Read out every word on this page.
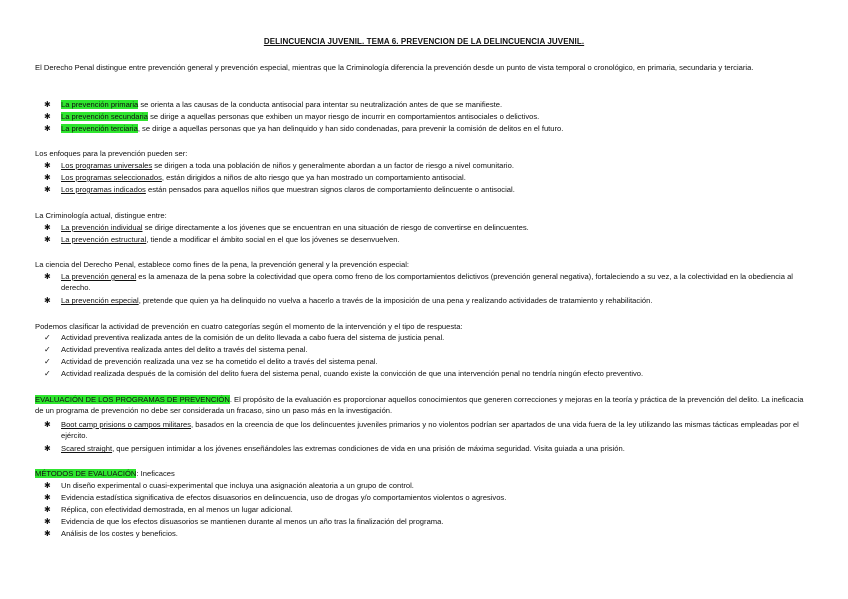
DELINCUENCIA JUVENIL. TEMA 6. PREVENCION DE LA DELINCUENCIA JUVENIL.

El Derecho Penal distingue entre prevención general y prevención especial, mientras que la Criminología diferencia la prevención desde un punto de vista temporal o cronológico, en primaria, secundaria y terciaria.

✱ La prevención primaria se orienta a las causas de la conducta antisocial para intentar su neutralización antes de que se manifieste.
✱ La prevención secundaria se dirige a aquellas personas que exhiben un mayor riesgo de incurrir en comportamientos antisociales o delictivos.
✱ La prevención terciaria, se dirige a aquellas personas que ya han delinquido y han sido condenadas, para prevenir la comisión de delitos en el futuro.

Los enfoques para la prevención pueden ser:

✱ Los programas universales se dirigen a toda una población de niños y generalmente abordan a un factor de riesgo a nivel comunitario.
✱ Los programas seleccionados, están dirigidos a niños de alto riesgo que ya han mostrado un comportamiento antisocial.
✱ Los programas indicados están pensados para aquellos niños que muestran signos claros de comportamiento delincuente o antisocial.

La Criminología actual, distingue entre:

✱ La prevención individual se dirige directamente a los jóvenes que se encuentran en una situación de riesgo de convertirse en delincuentes.
✱ La prevención estructural, tiende a modificar el ámbito social en el que los jóvenes se desenvuelven.

La ciencia del Derecho Penal, establece como fines de la pena, la prevención general y la prevención especial:

✱ La prevención general es la amenaza de la pena sobre la colectividad que opera como freno de los comportamientos delictivos (prevención general negativa), fortaleciendo a su vez, a la colectividad en la obediencia al derecho.
✱ La prevención especial, pretende que quien ya ha delinquido no vuelva a hacerlo a través de la imposición de una pena y realizando actividades de tratamiento y rehabilitación.

Podemos clasificar la actividad de prevención en cuatro categorías según el momento de la intervención y el tipo de respuesta:

✓ Actividad preventiva realizada antes de la comisión de un delito llevada a cabo fuera del sistema de justicia penal.
✓ Actividad preventiva realizada antes del delito a través del sistema penal.
✓ Actividad de prevención realizada una vez se ha cometido el delito a través del sistema penal.
✓ Actividad realizada después de la comisión del delito fuera del sistema penal, cuando existe la convicción de que una intervención penal no tendría ningún efecto preventivo.

EVALUACIÓN DE LOS PROGRAMAS DE PREVENCIÓN. El propósito de la evaluación es proporcionar aquellos conocimientos que generen correcciones y mejoras en la teoría y práctica de la prevención del delito. La ineficacia de un programa de prevención no debe ser considerada un fracaso, sino un paso más en la investigación.

✱ Boot camp prisions o campos militares, basados en la creencia de que los delincuentes juveniles primarios y no violentos podrían ser apartados de una vida fuera de la ley utilizando las mismas tácticas empleadas por el ejército.
✱ Scared straight, que persiguen intimidar a los jóvenes enseñándoles las extremas condiciones de vida en una prisión de máxima seguridad. Visita guiada a una prisión.

MÉTODOS DE EVALUACIÓN: Ineficaces

✱ Un diseño experimental o cuasi-experimental que incluya una asignación aleatoria a un grupo de control.
✱ Evidencia estadística significativa de efectos disuasorios en delincuencia, uso de drogas y/o comportamientos violentos o agresivos.
✱ Réplica, con efectividad demostrada, en al menos un lugar adicional.
✱ Evidencia de que los efectos disuasorios se mantienen durante al menos un año tras la finalización del programa.
✱ Análisis de los costes y beneficios.
